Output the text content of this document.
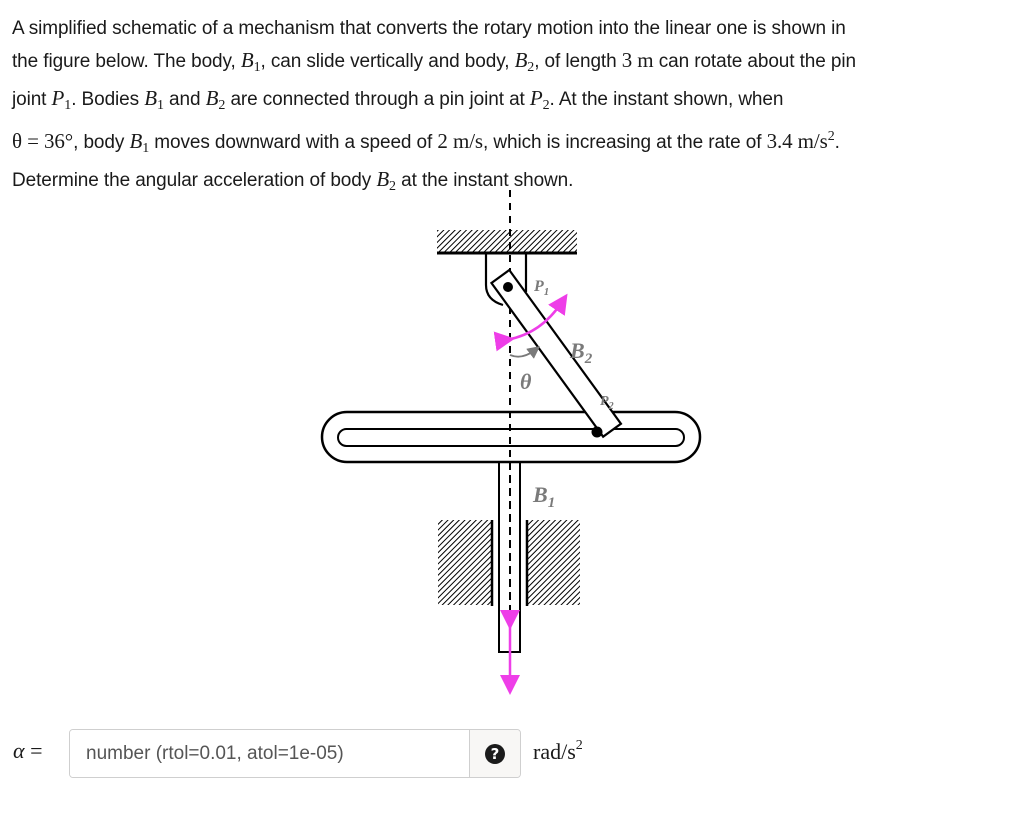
A simplified schematic of a mechanism that converts the rotary motion into the linear one is shown in

the figure below. The body, $B_1$, can slide vertically and body, $B_2$, of length 3 m can rotate about the pin

joint $P_1$. Bodies $B_1$ and $B_2$ are connected through a pin joint at $P_2$. At the instant shown, when

θ = 36°, body $B_1$ moves downward with a speed of 2 m/s, which is increasing at the rate of 3.4 $m/s^2$.

Determine the angular acceleration of body $B_2$ at the instant shown.

$P_1$
$B_2$
θ
$P_2$
$B_1$
α =
number (rtol=0.01, atol=1e-05)	? rad/$s^2$
